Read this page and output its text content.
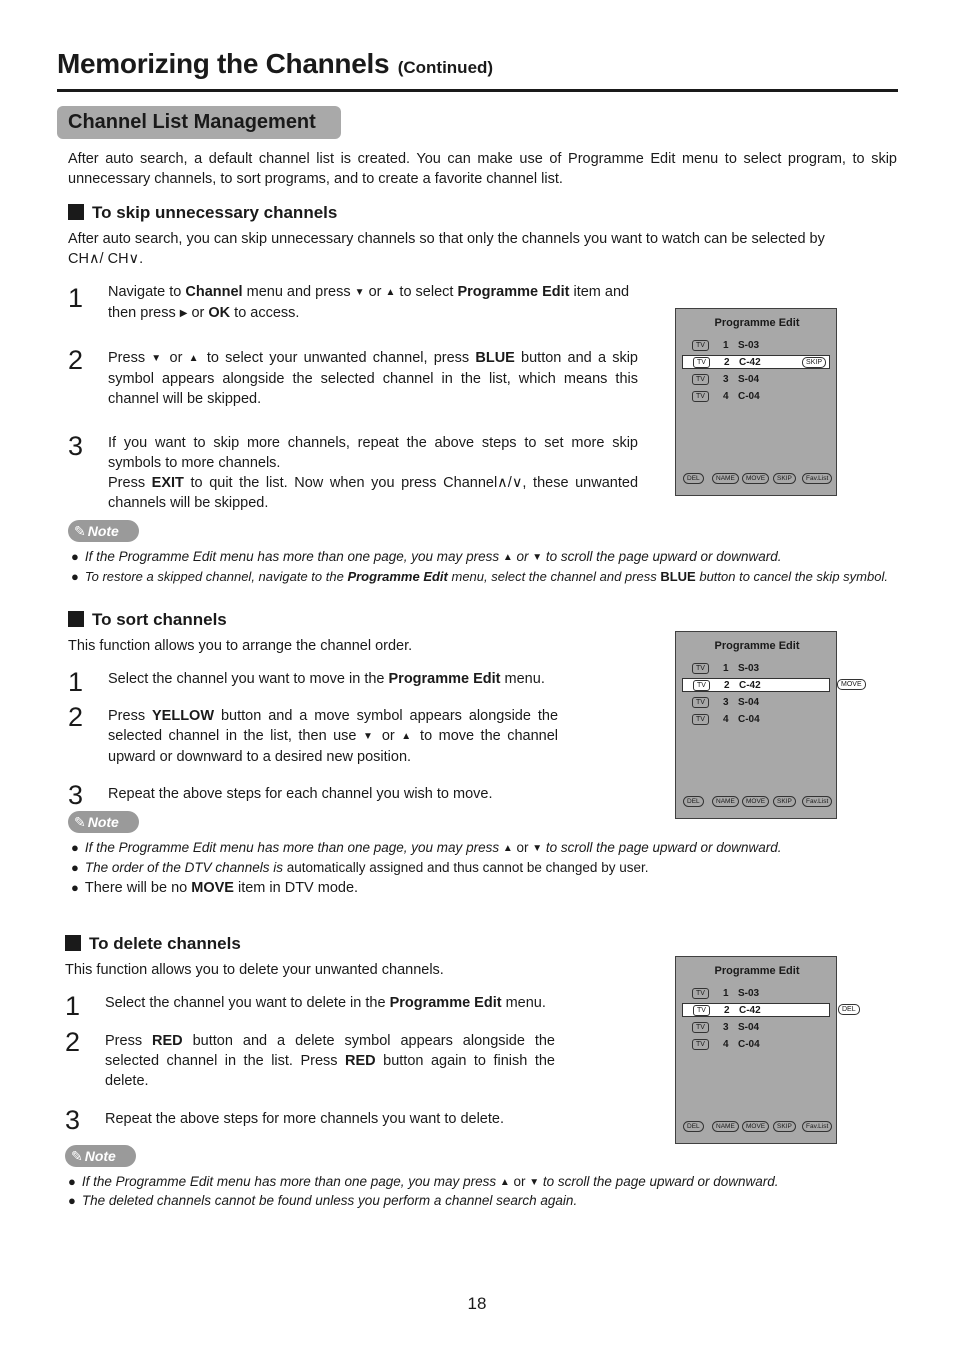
Memorizing the Channels (Continued)
Channel List Management
After auto search, a default channel list is created. You can make use of Programme Edit menu to select program, to skip unnecessary channels, to sort programs, and to create a favorite channel list.
To skip unnecessary channels
After auto search, you can skip unnecessary channels so that only the channels you want to watch can be selected by CH∧/ CH∨.
1 Navigate to Channel menu and press ▼ or ▲ to select Programme Edit item and then press ▶ or OK to access.
2 Press ▼ or ▲ to select your unwanted channel, press BLUE button and a skip symbol appears alongside the selected channel in the list, which means this channel will be skipped.
3 If you want to skip more channels, repeat the above steps to set more skip symbols to more channels.
Press EXIT to quit the list. Now when you press Channel∧/∨, these unwanted channels will be skipped.
Programme Edit
TV	1 S-03
TV	2 C-42	SKIP
TV	3 S-04
TV	4 C-04
DEL	NAME	MOVE	SKIP	Fav.List
✎ Note
● If the Programme Edit menu has more than one page, you may press ▲ or ▼ to scroll the page upward or downward.
● To restore a skipped channel, navigate to the Programme Edit menu, select the channel and press BLUE button to cancel the skip symbol.
To sort channels
This function allows you to arrange the channel order.
1 Select the channel you want to move in the Programme Edit menu.
2 Press YELLOW button and a move symbol appears alongside the selected channel in the list, then use ▼ or ▲ to move the channel upward or downward to a desired new position.
3 Repeat the above steps for each channel you wish to move.
Programme Edit
TV	1 S-03
TV	2 C-42
TV	3 S-04
TV	4 C-04
DEL	NAME	MOVE	SKIP	Fav.List
MOVE
✎ Note
● If the Programme Edit menu has more than one page, you may press ▲ or ▼ to scroll the page upward or downward.
● The order of the DTV channels is automatically assigned and thus cannot be changed by user.
● There will be no MOVE item in DTV mode.
To delete channels
This function allows you to delete your unwanted channels.
1 Select the channel you want to delete in the Programme Edit menu.
2 Press RED button and a delete symbol appears alongside the selected channel in the list. Press RED button again to finish the delete.
3 Repeat the above steps for more channels you want to delete.
Programme Edit
TV	1 S-03
TV	2 C-42
TV	3 S-04
TV	4 C-04
DEL	NAME	MOVE	SKIP	Fav.List
DEL
✎ Note
● If the Programme Edit menu has more than one page, you may press ▲ or ▼ to scroll the page upward or downward.
● The deleted channels cannot be found unless you perform a channel search again.
18
